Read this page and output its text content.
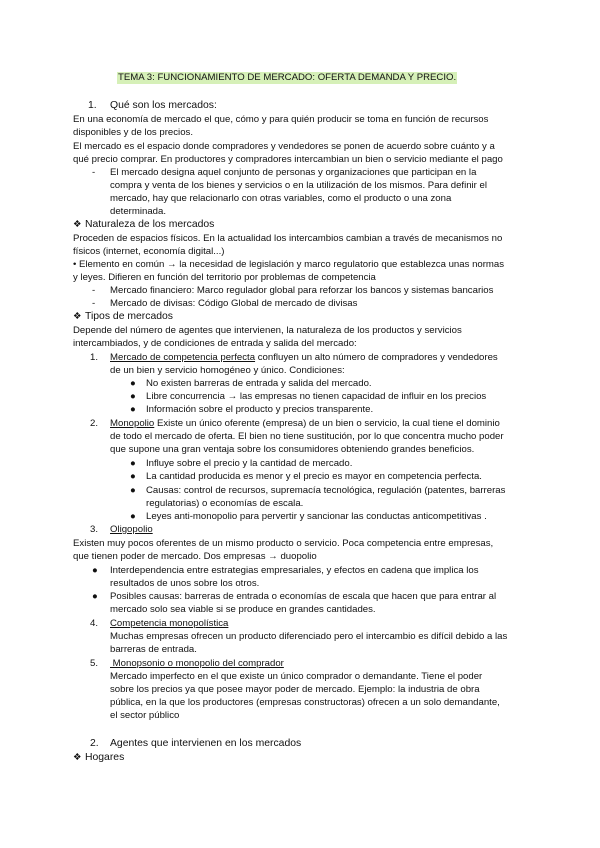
TEMA 3: FUNCIONAMIENTO DE MERCADO: OFERTA DEMANDA Y PRECIO.
1. Qué son los mercados:
En una economía de mercado el que, cómo y para quién producir se toma en función de recursos
disponibles y de los precios.
El mercado es el espacio donde compradores y vendedores se ponen de acuerdo sobre cuánto y a
qué precio comprar. En productores y compradores intercambian un bien o servicio mediante el pago
- El mercado designa aquel conjunto de personas y organizaciones que participan en la
compra y venta de los bienes y servicios o en la utilización de los mismos. Para definir el
mercado, hay que relacionarlo con otras variables, como el producto o una zona
determinada.
❖ Naturaleza de los mercados
Proceden de espacios físicos. En la actualidad los intercambios cambian a través de mecanismos no
físicos (internet, economía digital...)
• Elemento en común → la necesidad de legislación y marco regulatorio que establezca unas normas
y leyes. Difieren en función del territorio por problemas de competencia
- Mercado financiero: Marco regulador global para reforzar los bancos y sistemas bancarios
- Mercado de divisas: Código Global de mercado de divisas
❖ Tipos de mercados
Depende del número de agentes que intervienen, la naturaleza de los productos y servicios
intercambiados, y de condiciones de entrada y salida del mercado:
1. Mercado de competencia perfecta confluyen un alto número de compradores y vendedores
de un bien y servicio homogéneo y único. Condiciones:
● No existen barreras de entrada y salida del mercado.
● Libre concurrencia → las empresas no tienen capacidad de influir en los precios
● Información sobre el producto y precios transparente.
2. Monopolio Existe un único oferente (empresa) de un bien o servicio, la cual tiene el dominio
de todo el mercado de oferta. El bien no tiene sustitución, por lo que concentra mucho poder
que supone una gran ventaja sobre los consumidores obteniendo grandes beneficios.
● Influye sobre el precio y la cantidad de mercado.
● La cantidad producida es menor y el precio es mayor en competencia perfecta.
● Causas: control de recursos, supremacía tecnológica, regulación (patentes, barreras
regulatorias) o economías de escala.
● Leyes anti-monopolio para pervertir y sancionar las conductas anticompetitivas .
3. Oligopolio
Existen muy pocos oferentes de un mismo producto o servicio. Poca competencia entre empresas,
que tienen poder de mercado. Dos empresas → duopolio
● Interdependencia entre estrategias empresariales, y efectos en cadena que implica los
resultados de unos sobre los otros.
● Posibles causas: barreras de entrada o economías de escala que hacen que para entrar al
mercado solo sea viable si se produce en grandes cantidades.
4. Competencia monopolística
Muchas empresas ofrecen un producto diferenciado pero el intercambio es difícil debido a las
barreras de entrada.
5. Monopsonio o monopolio del comprador
Mercado imperfecto en el que existe un único comprador o demandante. Tiene el poder
sobre los precios ya que posee mayor poder de mercado. Ejemplo: la industria de obra
pública, en la que los productores (empresas constructoras) ofrecen a un solo demandante,
el sector público
2. Agentes que intervienen en los mercados
❖ Hogares
